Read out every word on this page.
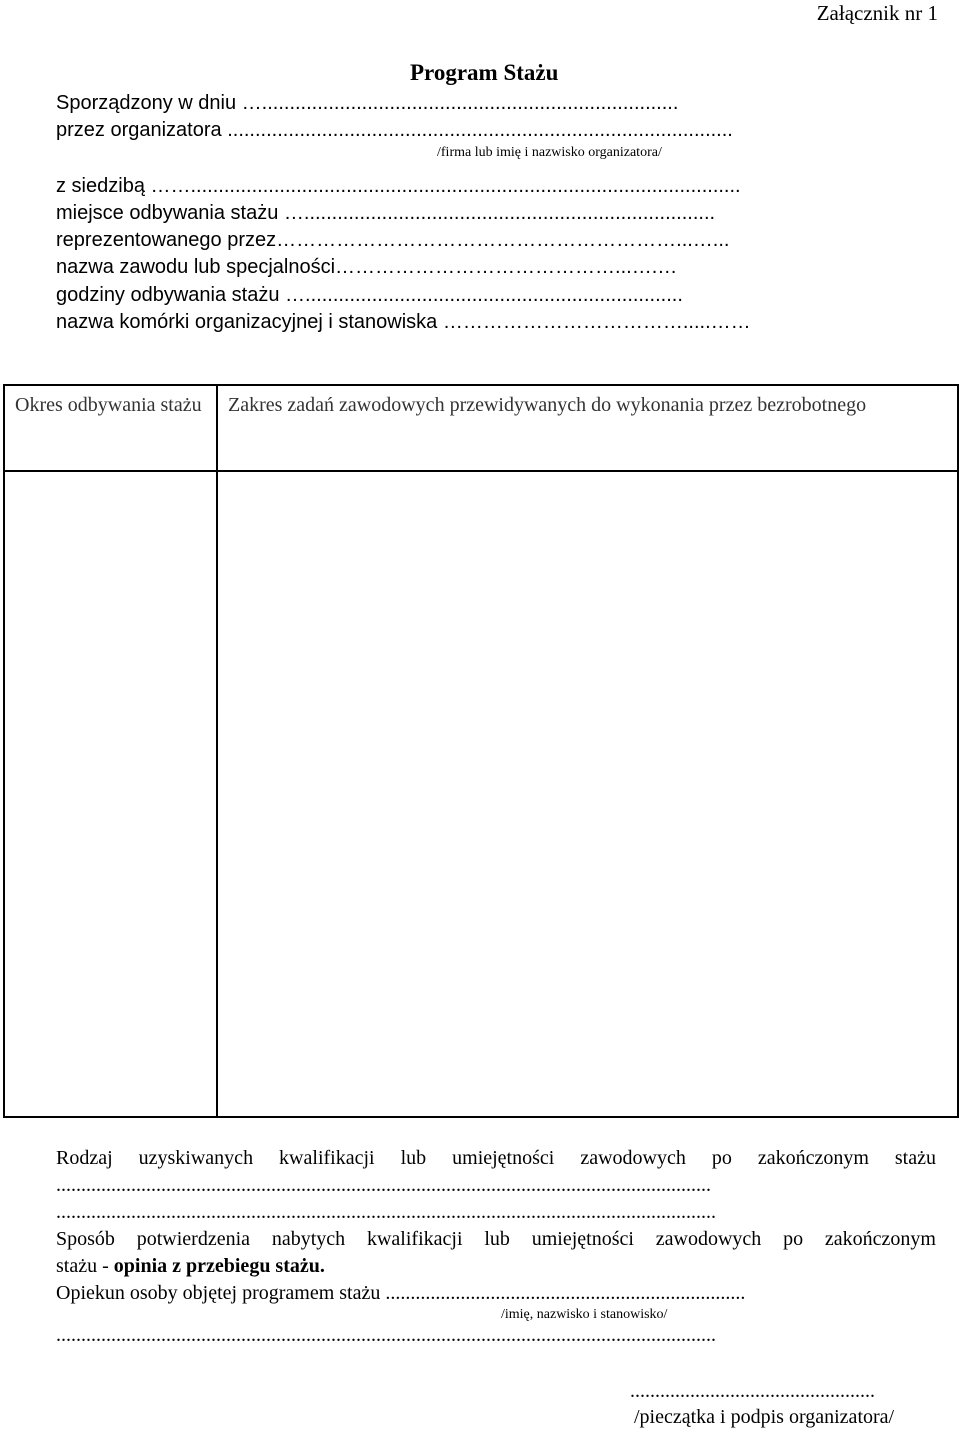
Załącznik nr 1
Program Stażu
Sporządzony w dniu …...........................................................................
przez organizatora ...........................................................................................
/firma lub imię i nazwisko organizatora/
z siedzibą ……...................................................................................................
miejsce odbywania stażu …..........................................................................
reprezentowanego przez……………………………………………………...…...
nazwa zawodu lub specjalności……………………………………...….…
godziny odbywania stażu …....................................................................
nazwa komórki organizacyjnej i stanowiska ……………………………….....……
Okres odbywania stażu	Zakres zadań zawodowych przewidywanych do wykonania przez bezrobotnego

Rodzaj uzyskiwanych kwalifikacji lub umiejętności zawodowych po zakończonym stażu
...................................................................................................................................
....................................................................................................................................
Sposób potwierdzenia nabytych kwalifikacji lub umiejętności zawodowych po zakończonym
stażu - opinia z przebiegu stażu.
Opiekun osoby objętej programem stażu ........................................................................
/imię, nazwisko i stanowisko/
....................................................................................................................................
.................................................
/pieczątka i podpis organizatora/
